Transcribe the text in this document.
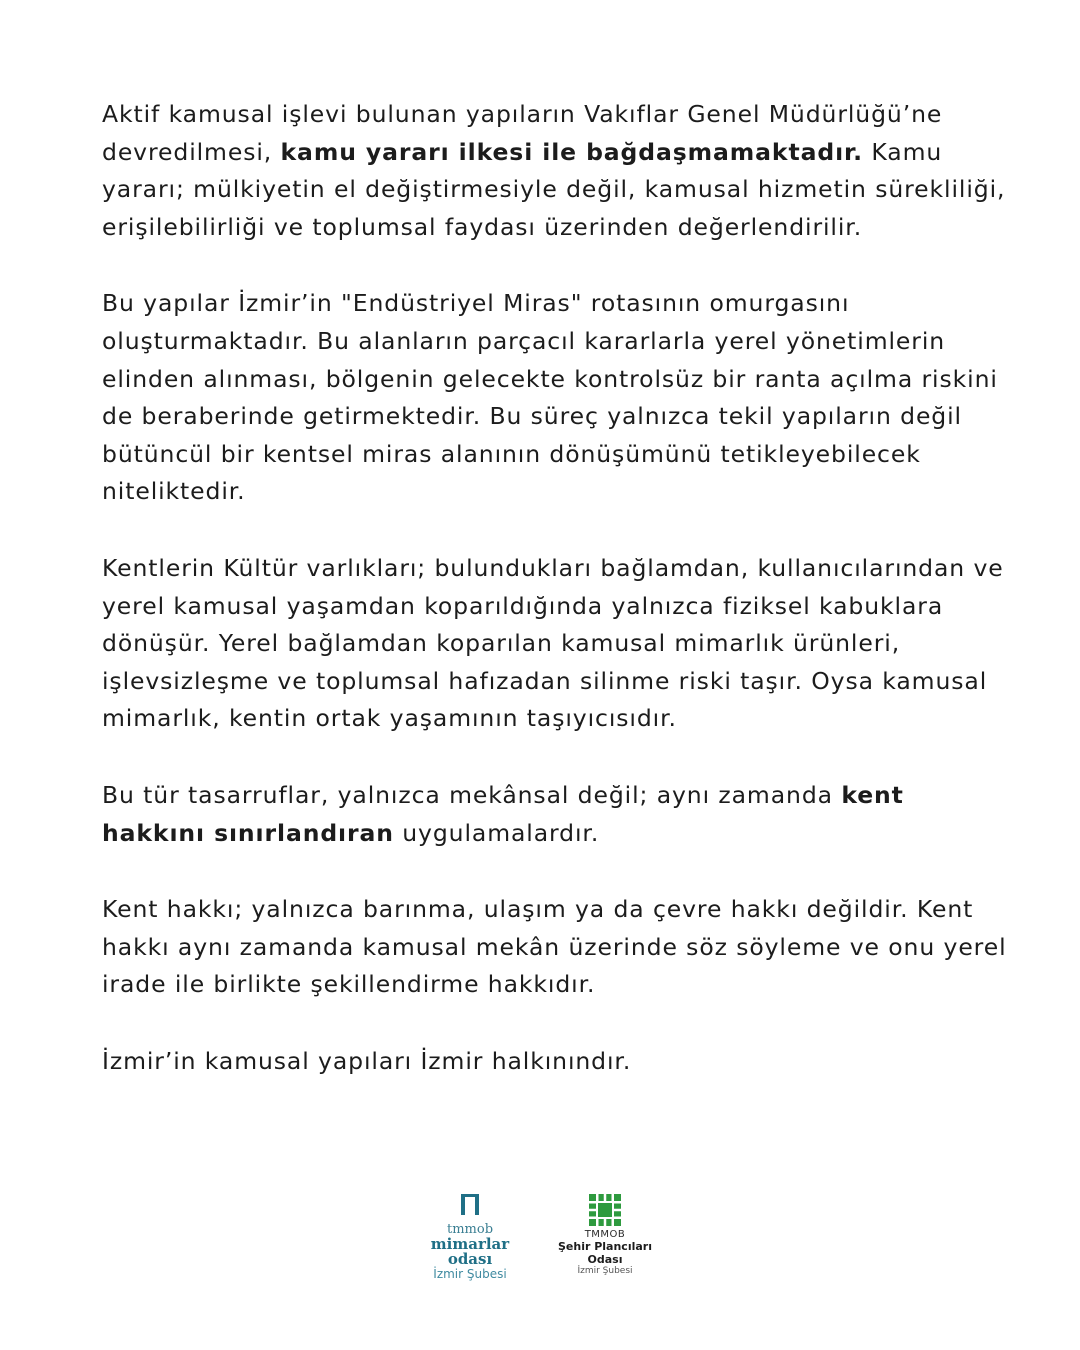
Aktif kamusal işlevi bulunan yapıların Vakıflar Genel Müdürlüğü’ne devredilmesi, kamu yararı ilkesi ile bağdaşmamaktadır. Kamu yararı; mülkiyetin el değiştirmesiyle değil, kamusal hizmetin sürekliliği, erişilebilirliği ve toplumsal faydası üzerinden değerlendirilir.

Bu yapılar İzmir’in "Endüstriyel Miras" rotasının omurgasını oluşturmaktadır. Bu alanların parçacıl kararlarla yerel yönetimlerin elinden alınması, bölgenin gelecekte kontrolsüz bir ranta açılma riskini de beraberinde getirmektedir. Bu süreç yalnızca tekil yapıların değil bütüncül bir kentsel miras alanının dönüşümünü tetikleyebilecek niteliktedir.

Kentlerin Kültür varlıkları; bulundukları bağlamdan, kullanıcılarından ve yerel kamusal yaşamdan koparıldığında yalnızca fiziksel kabuklara dönüşür. Yerel bağlamdan koparılan kamusal mimarlık ürünleri, işlevsizleşme ve toplumsal hafızadan silinme riski taşır. Oysa kamusal mimarlık, kentin ortak yaşamının taşıyıcısıdır.

Bu tür tasarruflar, yalnızca mekânsal değil; aynı zamanda kent hakkını sınırlandıran uygulamalardır.

Kent hakkı; yalnızca barınma, ulaşım ya da çevre hakkı değildir. Kent hakkı aynı zamanda kamusal mekân üzerinde söz söyleme ve onu yerel irade ile birlikte şekillendirme hakkıdır.

İzmir’in kamusal yapıları İzmir halkınındır.

tmmob
mimarlar
odası
İzmir Şubesi
TMMOB
Şehir Plancıları Odası
İzmir Şubesi
